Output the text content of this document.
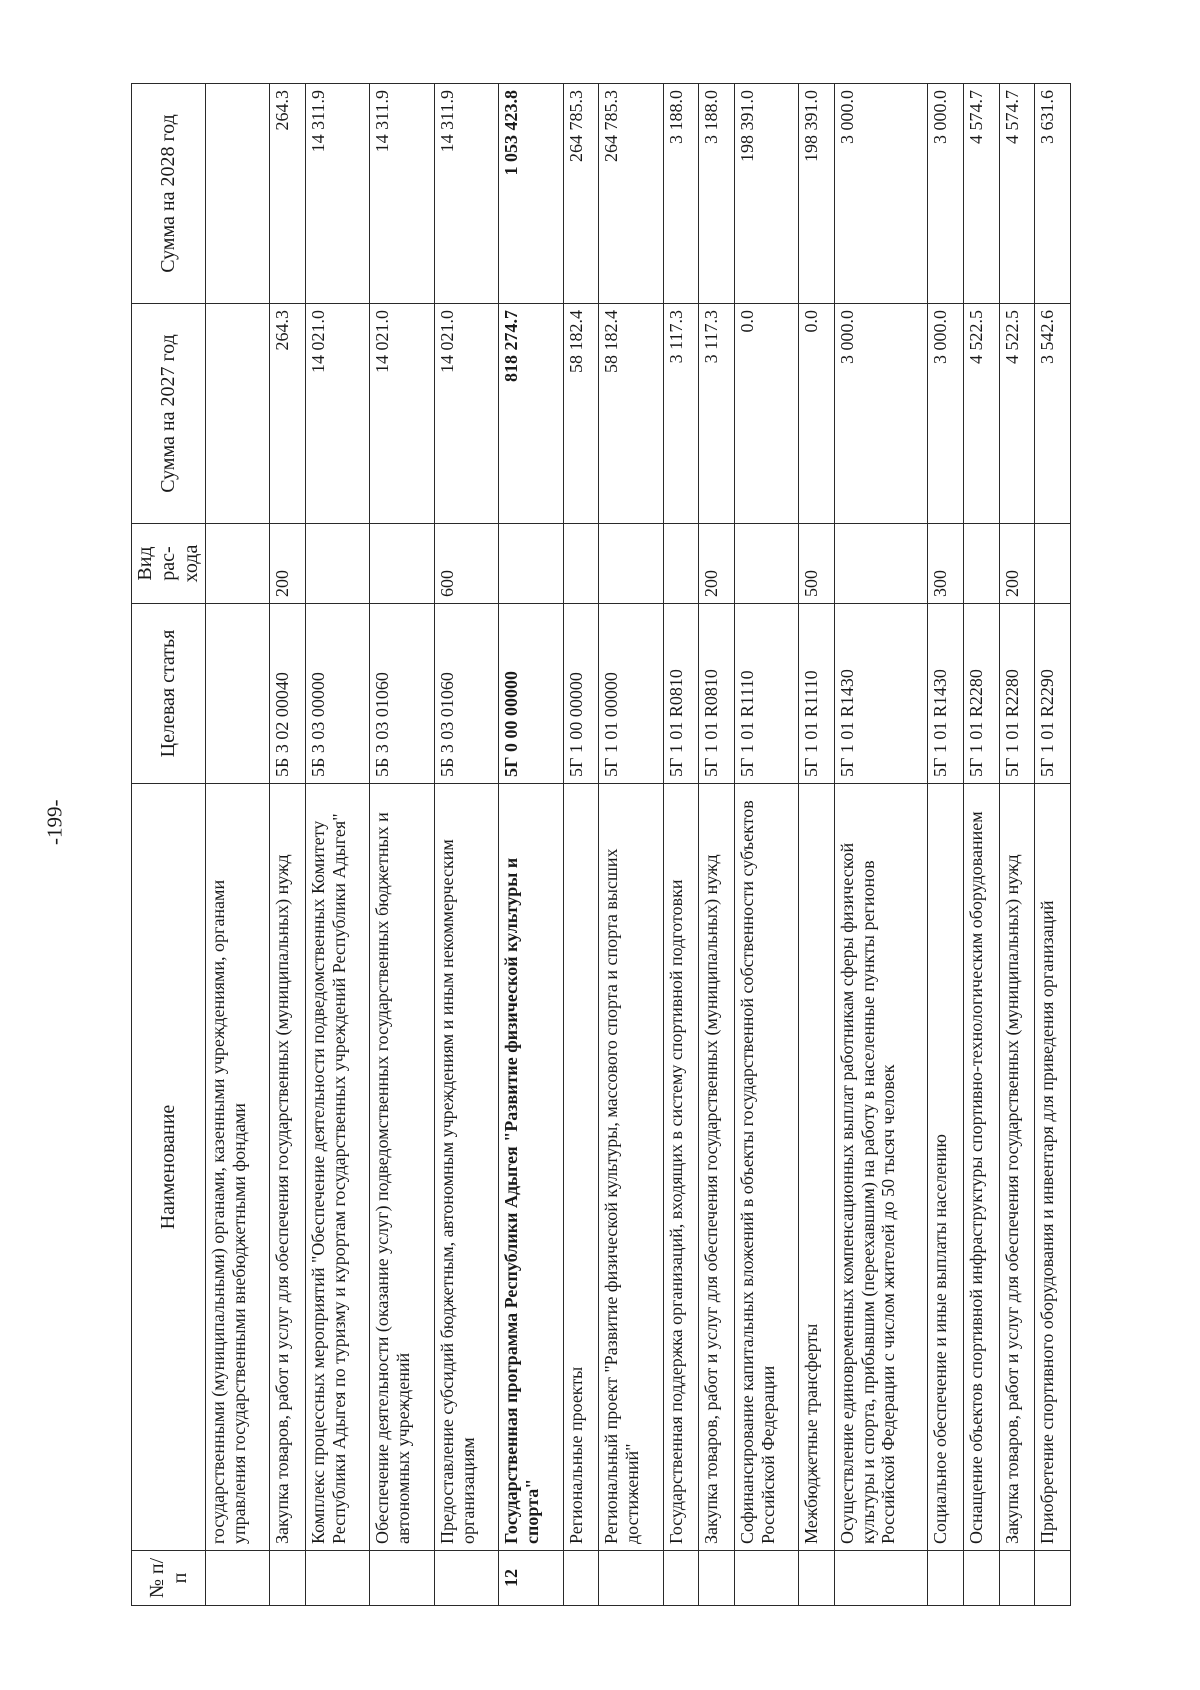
-199-
№ п/п	Наименование	Целевая статья	Вид рас- хода	Сумма на 2027 год	Сумма на 2028 год
	государственными (муниципальными) органами, казенными учреждениями, органами управления государственными внебюджетными фондами				
	Закупка товаров, работ и услуг для обеспечения государственных (муниципальных) нужд	5Б 3 02 00040	200	264.3	264.3
	Комплекс процессных мероприятий "Обеспечение деятельности подведомственных Комитету Республики Адыгея по туризму и курортам государственных учреждений Республики Адыгея"	5Б 3 03 00000		14 021.0	14 311.9
	Обеспечение деятельности (оказание услуг) подведомственных государственных бюджетных и автономных учреждений	5Б 3 03 01060		14 021.0	14 311.9
	Предоставление субсидий бюджетным, автономным учреждениям и иным некоммерческим организациям	5Б 3 03 01060	600	14 021.0	14 311.9
12	Государственная программа Республики Адыгея "Развитие физической культуры и спорта"	5Г 0 00 00000		818 274.7	1 053 423.8
	Региональные проекты	5Г 1 00 00000		58 182.4	264 785.3
	Региональный проект "Развитие физической культуры, массового спорта и спорта высших достижений"	5Г 1 01 00000		58 182.4	264 785.3
	Государственная поддержка организаций, входящих в систему спортивной подготовки	5Г 1 01 R0810		3 117.3	3 188.0
	Закупка товаров, работ и услуг для обеспечения государственных (муниципальных) нужд	5Г 1 01 R0810	200	3 117.3	3 188.0
	Софинансирование капитальных вложений в объекты государственной собственности субъектов Российской Федерации	5Г 1 01 R1110		0.0	198 391.0
	Межбюджетные трансферты	5Г 1 01 R1110	500	0.0	198 391.0
	Осуществление единовременных компенсационных выплат работникам сферы физической культуры и спорта, прибывшим (переехавшим) на работу в населенные пункты регионов Российской Федерации с числом жителей до 50 тысяч человек	5Г 1 01 R1430		3 000.0	3 000.0
	Социальное обеспечение и иные выплаты населению	5Г 1 01 R1430	300	3 000.0	3 000.0
	Оснащение объектов спортивной инфраструктуры спортивно-технологическим оборудованием	5Г 1 01 R2280		4 522.5	4 574.7
	Закупка товаров, работ и услуг для обеспечения государственных (муниципальных) нужд	5Г 1 01 R2280	200	4 522.5	4 574.7
	Приобретение спортивного оборудования и инвентаря для приведения организаций	5Г 1 01 R2290		3 542.6	3 631.6
